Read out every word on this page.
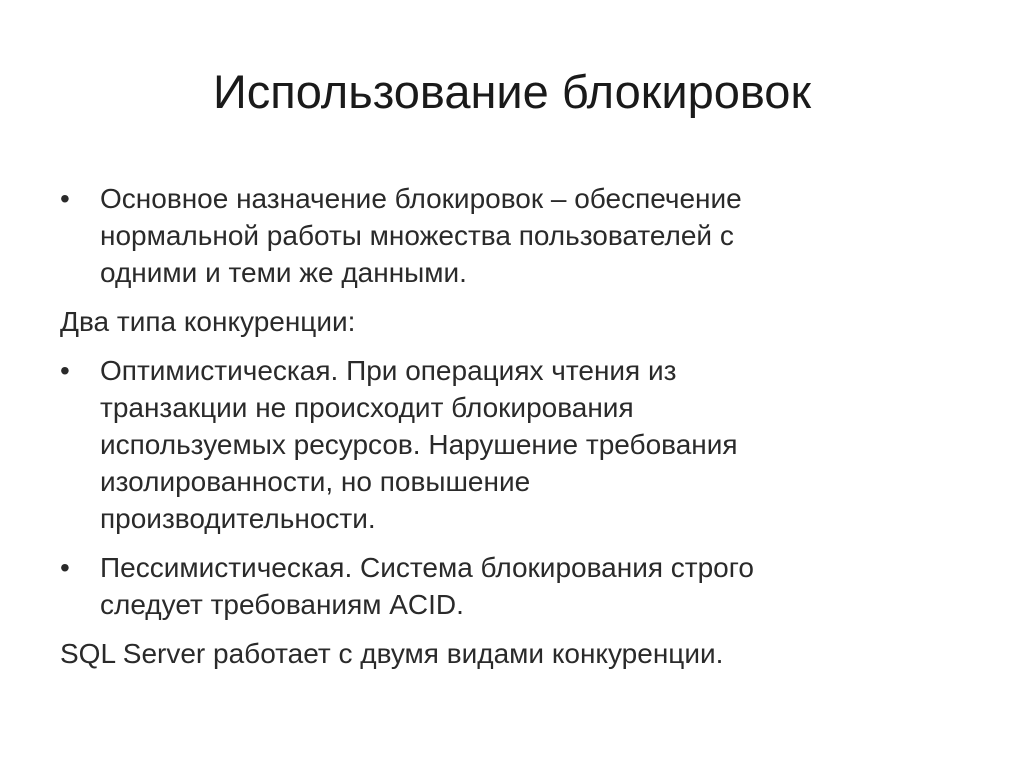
Использование блокировок
•	Основное назначение блокировок – обеспечение
нормальной работы множества пользователей с
одними и теми же данными.
Два типа конкуренции:
•	Оптимистическая. При операциях чтения из
транзакции не происходит блокирования
используемых ресурсов. Нарушение требования
изолированности, но повышение
производительности.
•	Пессимистическая. Система блокирования строго
следует требованиям ACID.
SQL Server работает с двумя видами конкуренции.
